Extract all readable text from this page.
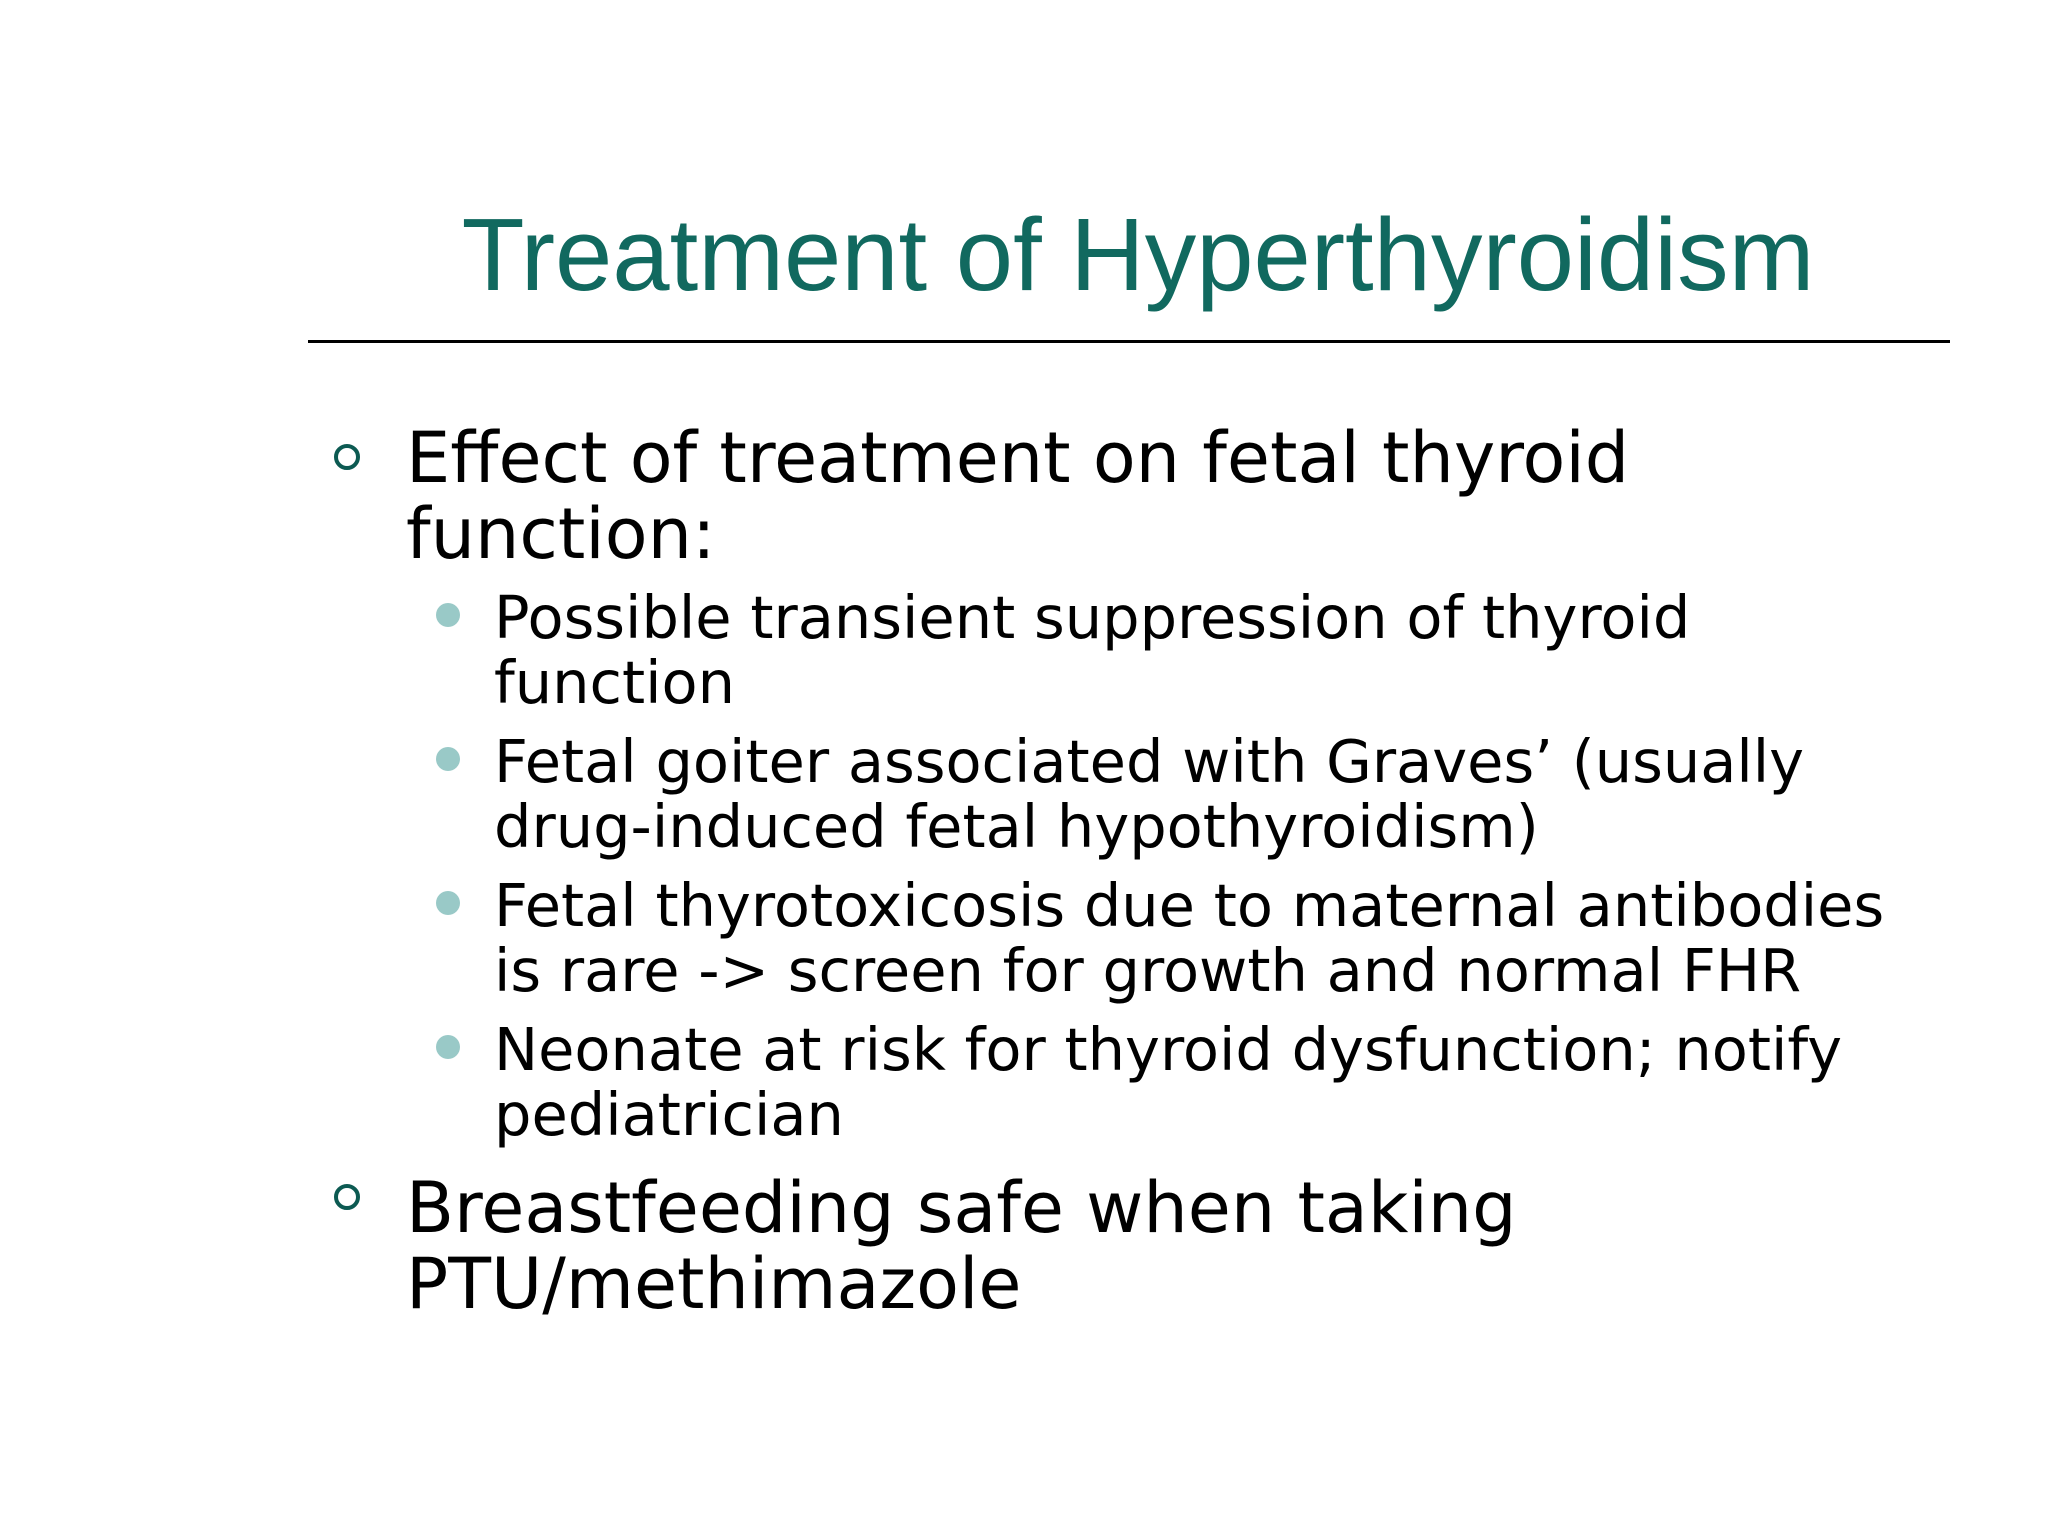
Treatment of Hyperthyroidism
Effect of treatment on fetal thyroid
function:
Possible transient suppression of thyroid
function
Fetal goiter associated with Graves’ (usually
drug-induced fetal hypothyroidism)
Fetal thyrotoxicosis due to maternal antibodies
is rare -> screen for growth and normal FHR
Neonate at risk for thyroid dysfunction; notify
pediatrician
Breastfeeding safe when taking
PTU/methimazole
